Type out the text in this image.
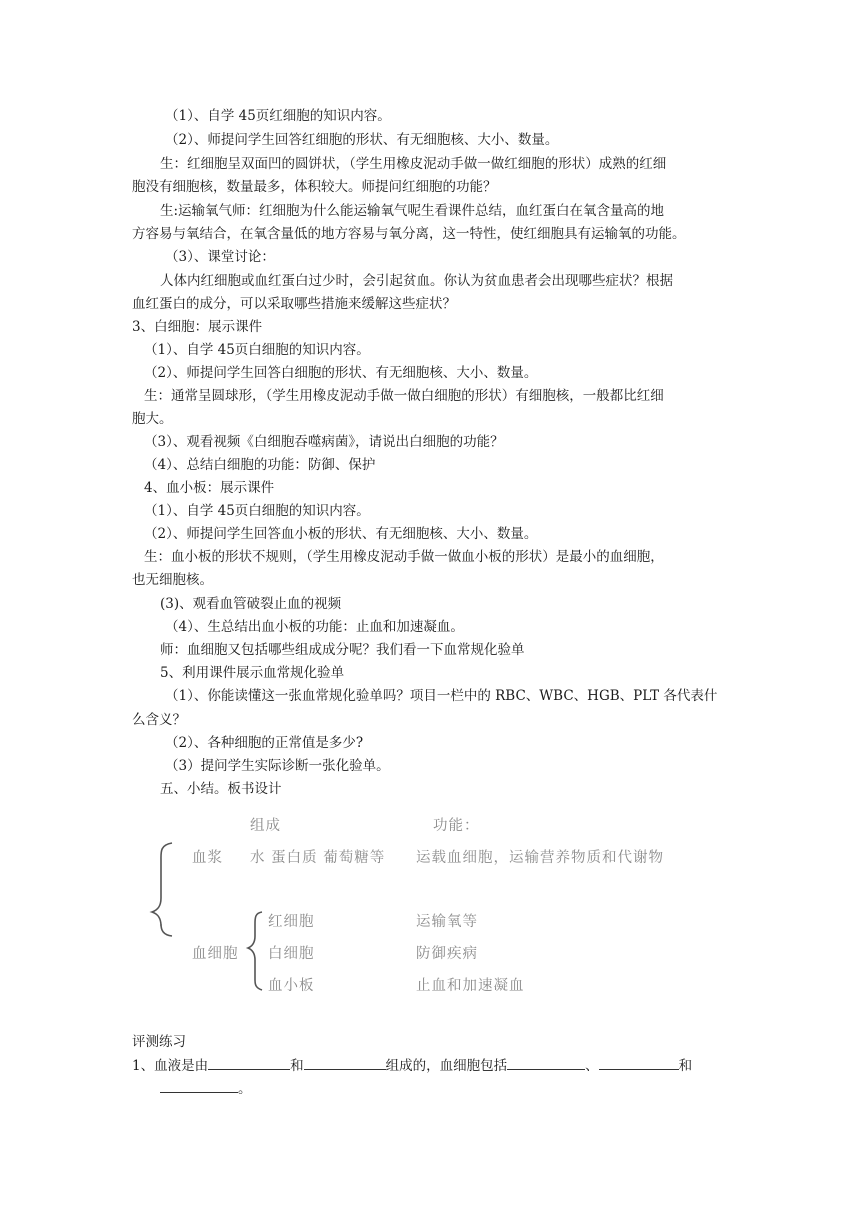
（1）、自学 45页红细胞的知识内容。
（2）、师提问学生回答红细胞的形状、有无细胞核、大小、数量。
生：红细胞呈双面凹的圆饼状，（学生用橡皮泥动手做一做红细胞的形状）成熟的红细
胞没有细胞核，数量最多，体积较大。师提问红细胞的功能？
生:运输氧气师：红细胞为什么能运输氧气呢生看课件总结，血红蛋白在氧含量高的地
方容易与氧结合，在氧含量低的地方容易与氧分离，这一特性，使红细胞具有运输氧的功能。
（3）、课堂讨论：
人体内红细胞或血红蛋白过少时，会引起贫血。你认为贫血患者会出现哪些症状？根据
血红蛋白的成分，可以采取哪些措施来缓解这些症状？
3、白细胞：展示课件
（1）、自学 45页白细胞的知识内容。
（2）、师提问学生回答白细胞的形状、有无细胞核、大小、数量。
生：通常呈圆球形，（学生用橡皮泥动手做一做白细胞的形状）有细胞核，一般都比红细
胞大。
（3）、观看视频《白细胞吞噬病菌》，请说出白细胞的功能？
（4）、总结白细胞的功能：防御、保护
4、血小板：展示课件
（1）、自学 45页白细胞的知识内容。
（2）、师提问学生回答血小板的形状、有无细胞核、大小、数量。
生：血小板的形状不规则，（学生用橡皮泥动手做一做血小板的形状）是最小的血细胞，
也无细胞核。
(3)、观看血管破裂止血的视频
（4）、生总结出血小板的功能：止血和加速凝血。
师：血细胞又包括哪些组成成分呢？我们看一下血常规化验单
5、利用课件展示血常规化验单
（1）、你能读懂这一张血常规化验单吗？项目一栏中的 RBC、WBC、HGB、PLT 各代表什
么含义？
（2）、各种细胞的正常值是多少?
（3）提问学生实际诊断一张化验单。
五、小结。板书设计
组成	功能：
血浆 水 蛋白质 葡萄糖等 运载血细胞，运输营养物质和代谢物
血细胞
红细胞	运输氧等
白细胞	防御疾病
血小板	止血和加速凝血
评测练习
1、血液是由	和	组成的，血细胞包括	、	和
。
